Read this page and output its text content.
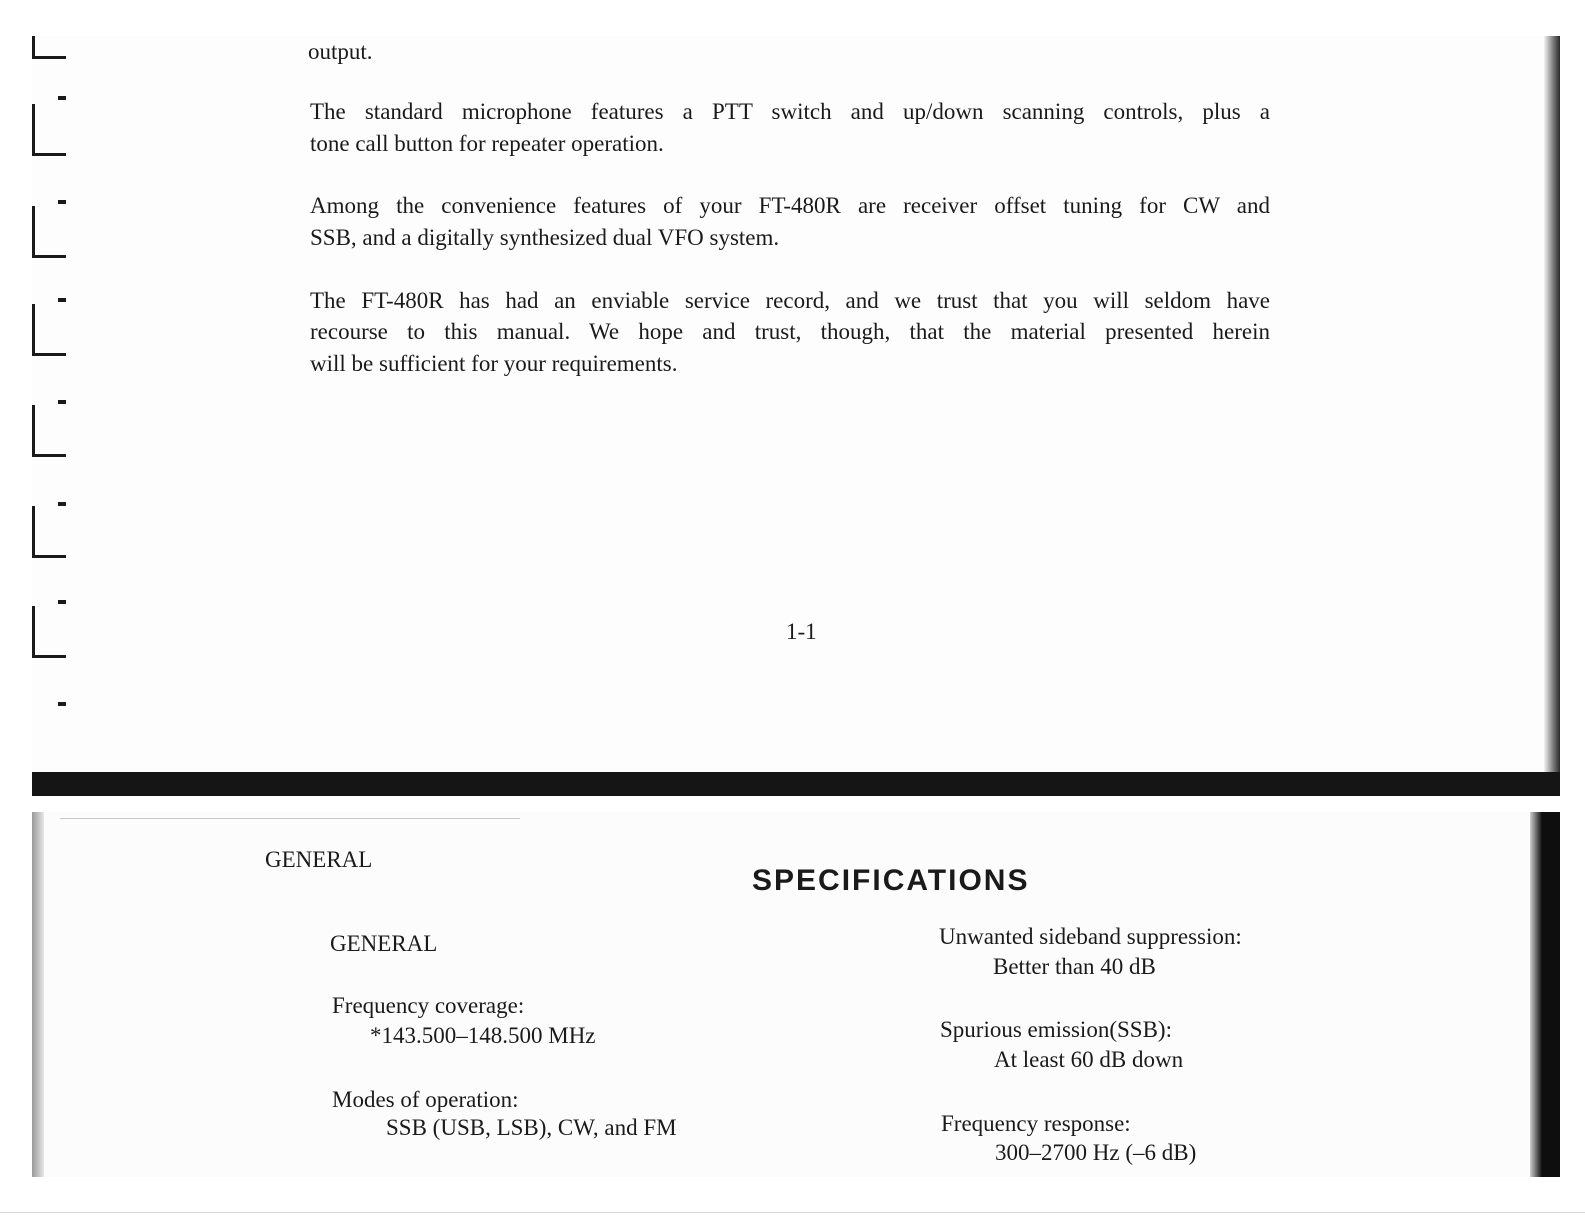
output.
The standard microphone features a PTT switch and up/down scanning controls, plus a
tone call button for repeater operation.
Among the convenience features of your FT-480R are receiver offset tuning for CW and
SSB, and a digitally synthesized dual VFO system.
The FT-480R has had an enviable service record, and we trust that you will seldom have
recourse to this manual. We hope and trust, though, that the material presented herein
will be sufficient for your requirements.
1-1
GENERAL
SPECIFICATIONS
GENERAL
Frequency coverage:
*143.500–148.500 MHz
Modes of operation:
SSB (USB, LSB), CW, and FM
Unwanted sideband suppression:
Better than 40 dB
Spurious emission(SSB):
At least 60 dB down
Frequency response:
300–2700 Hz (–6 dB)
